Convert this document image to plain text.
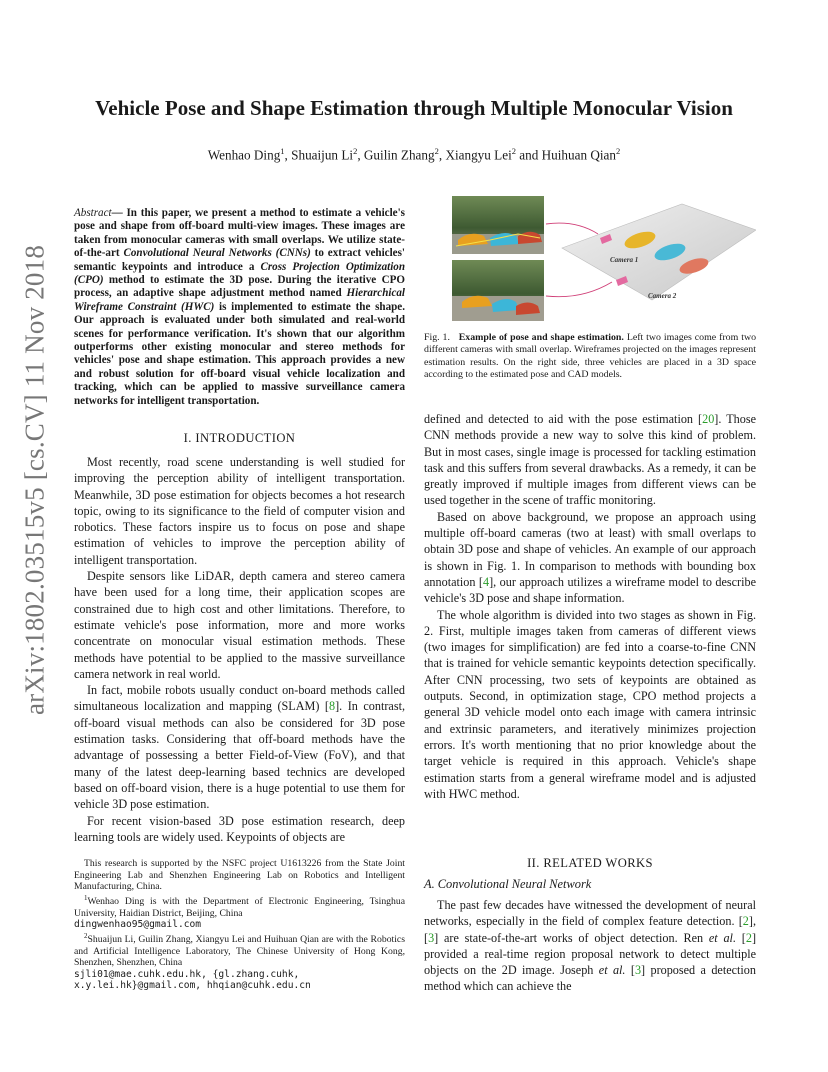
arXiv:1802.03515v5 [cs.CV] 11 Nov 2018
Vehicle Pose and Shape Estimation through Multiple Monocular Vision
Wenhao Ding$^1$, Shuaijun Li$^2$, Guilin Zhang$^2$, Xiangyu Lei$^2$ and Huihuan Qian$^2$
Abstract— In this paper, we present a method to estimate a vehicle's pose and shape from off-board multi-view images. These images are taken from monocular cameras with small overlaps. We utilize state-of-the-art Convolutional Neural Networks (CNNs) to extract vehicles' semantic keypoints and introduce a Cross Projection Optimization (CPO) method to estimate the 3D pose. During the iterative CPO process, an adaptive shape adjustment method named Hierarchical Wireframe Constraint (HWC) is implemented to estimate the shape. Our approach is evaluated under both simulated and real-world scenes for performance verification. It's shown that our algorithm outperforms other existing monocular and stereo methods for vehicles' pose and shape estimation. This approach provides a new and robust solution for off-board visual vehicle localization and tracking, which can be applied to massive surveillance camera networks for intelligent transportation.
I. INTRODUCTION

Most recently, road scene understanding is well studied for improving the perception ability of intelligent transportation. Meanwhile, 3D pose estimation for objects becomes a hot research topic, owing to its significance to the field of computer vision and robotics. These factors inspire us to focus on pose and shape estimation of vehicles to improve the perception ability of intelligent transportation.

Despite sensors like LiDAR, depth camera and stereo camera have been used for a long time, their application scopes are constrained due to high cost and other limitations. Therefore, to estimate vehicle's pose information, more and more works concentrate on monocular visual estimation methods. These methods have potential to be applied to the massive surveillance camera network in real world.

In fact, mobile robots usually conduct on-board methods called simultaneous localization and mapping (SLAM) [8]. In contrast, off-board visual methods can also be considered for 3D pose estimation tasks. Considering that off-board methods have the advantage of possessing a better Field-of-View (FoV), and that many of the latest deep-learning based technics are developed based on off-board vision, there is a huge potential to use them for vehicle 3D pose estimation.

For recent vision-based 3D pose estimation research, deep learning tools are widely used. Keypoints of objects are

This research is supported by the NSFC project U1613226 from the State Joint Engineering Lab and Shenzhen Engineering Lab on Robotics and Intelligent Manufacturing, China.

$^1$Wenhao Ding is with the Department of Electronic Engineering, Tsinghua University, Haidian District, Beijing, China
dingwenhao95@gmail.com

$^2$Shuaijun Li, Guilin Zhang, Xiangyu Lei and Huihuan Qian are with the Robotics and Artificial Intelligence Laboratory, The Chinese University of Hong Kong, Shenzhen, Shenzhen, China
sjli01@mae.cuhk.edu.hk, {gl.zhang.cuhk,
x.y.lei.hk}@gmail.com, hhqian@cuhk.edu.cn

Camera 1
Camera 2
Fig. 1. Example of pose and shape estimation. Left two images come from two different cameras with small overlap. Wireframes projected on the images represent estimation results. On the right side, three vehicles are placed in a 3D space according to the estimated pose and CAD models.

defined and detected to aid with the pose estimation [20]. Those CNN methods provide a new way to solve this kind of problem. But in most cases, single image is processed for tackling estimation task and this suffers from several drawbacks. As a remedy, it can be greatly improved if multiple images from different views can be used together in the scene of traffic monitoring.

Based on above background, we propose an approach using multiple off-board cameras (two at least) with small overlaps to obtain 3D pose and shape of vehicles. An example of our approach is shown in Fig. 1. In comparison to methods with bounding box annotation [4], our approach utilizes a wireframe model to describe vehicle's 3D pose and shape information.

The whole algorithm is divided into two stages as shown in Fig. 2. First, multiple images taken from cameras of different views (two images for simplification) are fed into a coarse-to-fine CNN that is trained for vehicle semantic keypoints detection specifically. After CNN processing, two sets of keypoints are obtained as outputs. Second, in optimization stage, CPO method projects a general 3D vehicle model onto each image with camera intrinsic and extrinsic parameters, and iteratively minimizes projection errors. It's worth mentioning that no prior knowledge about the target vehicle is required in this approach. Vehicle's shape estimation starts from a general wireframe model and is adjusted with HWC method.

II. RELATED WORKS
A. Convolutional Neural Network

The past few decades have witnessed the development of neural networks, especially in the field of complex feature detection. [2], [3] are state-of-the-art works of object detection. Ren et al. [2] provided a real-time region proposal network to detect multiple objects on the 2D image. Joseph et al. [3] proposed a detection method which can achieve the
